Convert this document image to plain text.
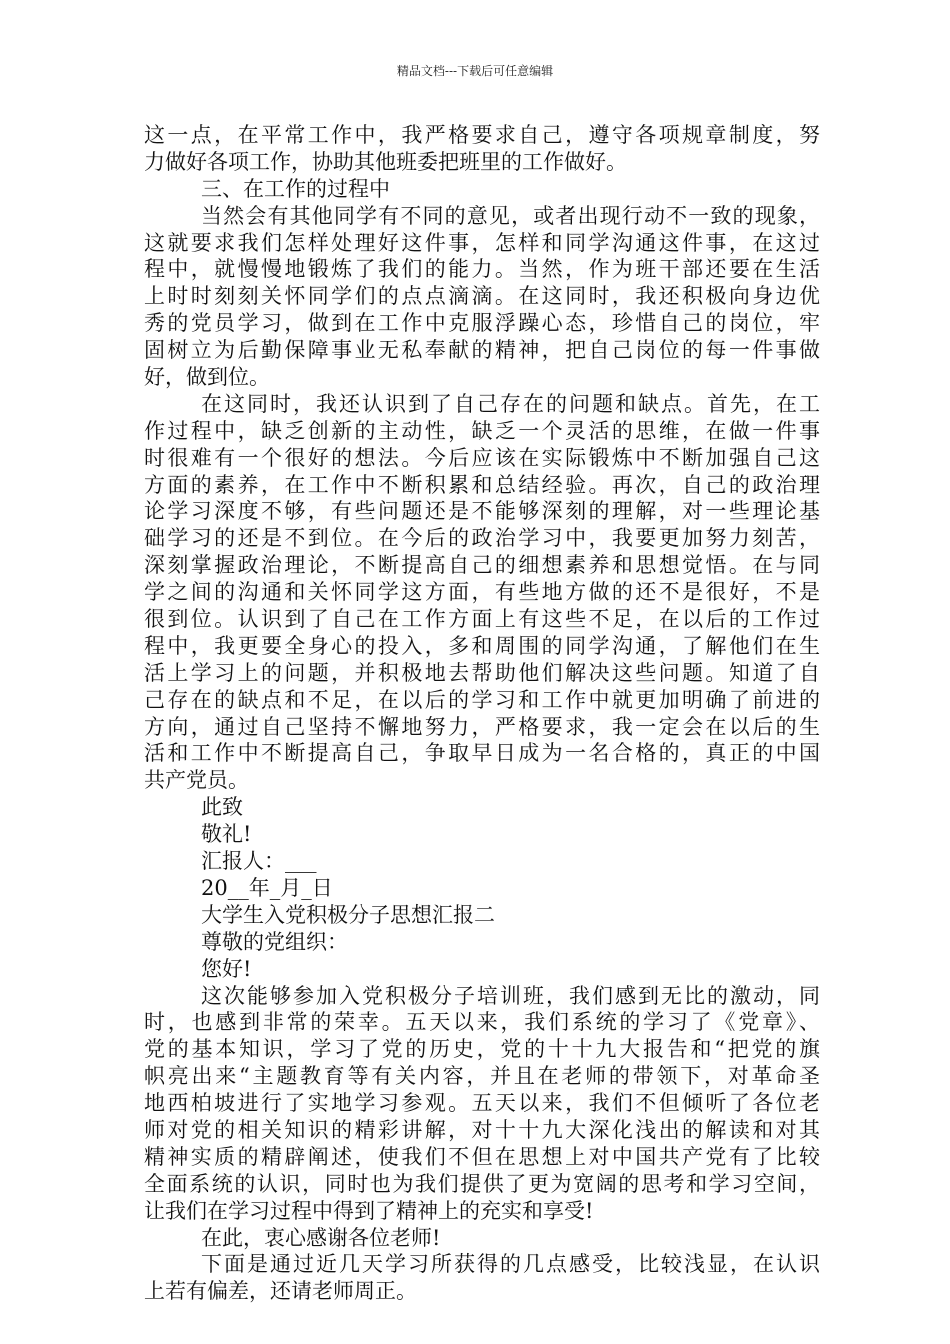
精品文档---下载后可任意编辑
这一点，在平常工作中，我严格要求自己，遵守各项规章制度，努
力做好各项工作，协助其他班委把班里的工作做好。
三、在工作的过程中
当然会有其他同学有不同的意见，或者出现行动不一致的现象，
这就要求我们怎样处理好这件事，怎样和同学沟通这件事，在这过
程中，就慢慢地锻炼了我们的能力。当然，作为班干部还要在生活
上时时刻刻关怀同学们的点点滴滴。在这同时，我还积极向身边优
秀的党员学习，做到在工作中克服浮躁心态，珍惜自己的岗位，牢
固树立为后勤保障事业无私奉献的精神，把自己岗位的每一件事做
好，做到位。
在这同时，我还认识到了自己存在的问题和缺点。首先，在工
作过程中，缺乏创新的主动性，缺乏一个灵活的思维，在做一件事
时很难有一个很好的想法。今后应该在实际锻炼中不断加强自己这
方面的素养，在工作中不断积累和总结经验。再次，自己的政治理
论学习深度不够，有些问题还是不能够深刻的理解，对一些理论基
础学习的还是不到位。在今后的政治学习中，我要更加努力刻苦，
深刻掌握政治理论，不断提高自己的细想素养和思想觉悟。在与同
学之间的沟通和关怀同学这方面，有些地方做的还不是很好，不是
很到位。认识到了自己在工作方面上有这些不足，在以后的工作过
程中，我更要全身心的投入，多和周围的同学沟通，了解他们在生
活上学习上的问题，并积极地去帮助他们解决这些问题。知道了自
己存在的缺点和不足，在以后的学习和工作中就更加明确了前进的
方向，通过自己坚持不懈地努力，严格要求，我一定会在以后的生
活和工作中不断提高自己，争取早日成为一名合格的，真正的中国
共产党员。
此致
敬礼!
汇报人：___
20__年_月_日
大学生入党积极分子思想汇报二
尊敬的党组织：
您好!
这次能够参加入党积极分子培训班，我们感到无比的激动，同
时，也感到非常的荣幸。五天以来，我们系统的学习了《党章》、
党的基本知识，学习了党的历史，党的十十九大报告和“把党的旗
帜亮出来“主题教育等有关内容，并且在老师的带领下，对革命圣
地西柏坡进行了实地学习参观。五天以来，我们不但倾听了各位老
师对党的相关知识的精彩讲解，对十十九大深化浅出的解读和对其
精神实质的精辟阐述，使我们不但在思想上对中国共产党有了比较
全面系统的认识，同时也为我们提供了更为宽阔的思考和学习空间，
让我们在学习过程中得到了精神上的充实和享受!
在此，衷心感谢各位老师!
下面是通过近几天学习所获得的几点感受，比较浅显，在认识
上若有偏差，还请老师周正。
